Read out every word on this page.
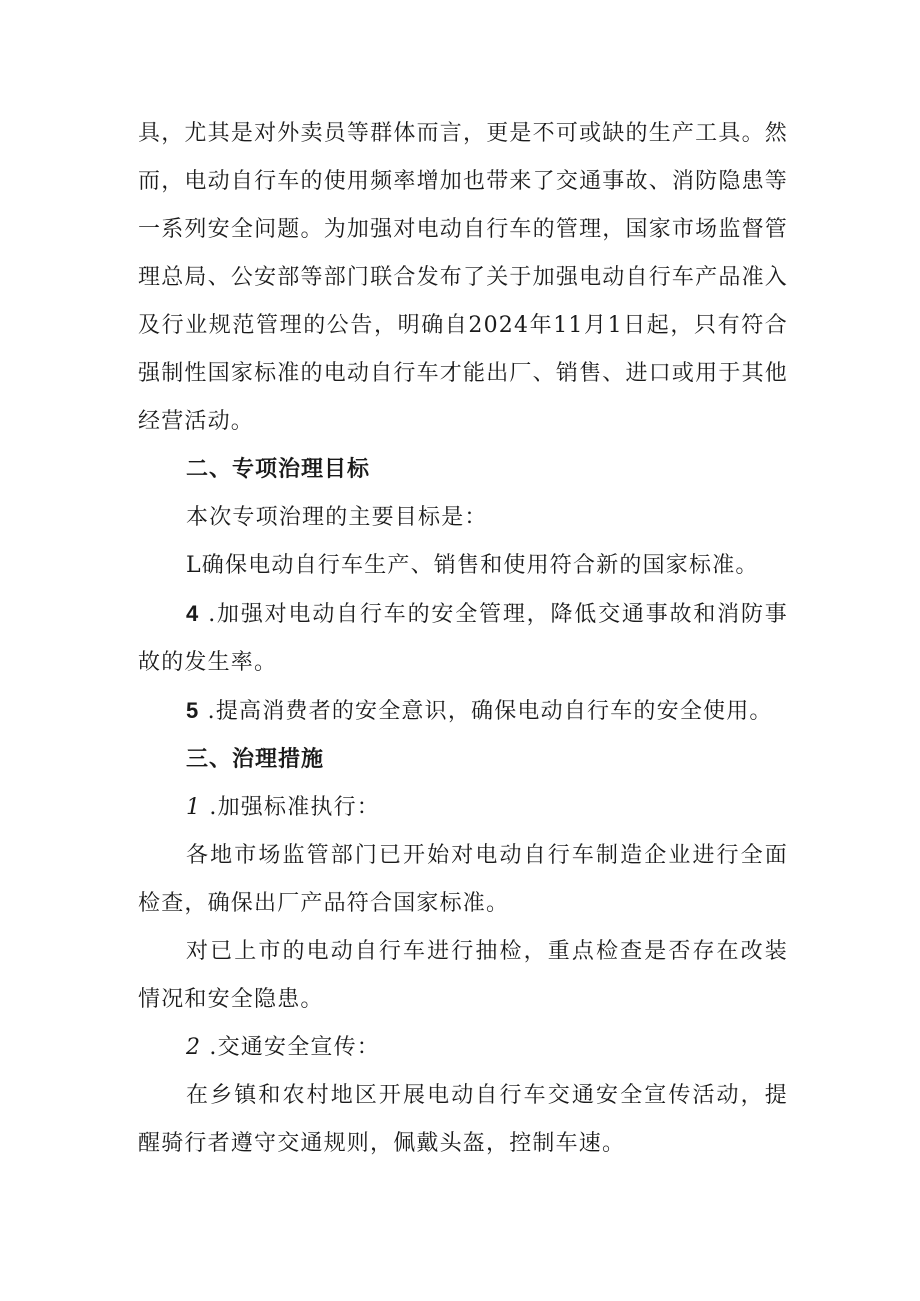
具，尤其是对外卖员等群体而言，更是不可或缺的生产工具。然而，电动自行车的使用频率增加也带来了交通事故、消防隐患等一系列安全问题。为加强对电动自行车的管理，国家市场监督管理总局、公安部等部门联合发布了关于加强电动自行车产品准入及行业规范管理的公告，明确自2024年11月1日起，只有符合强制性国家标准的电动自行车才能出厂、销售、进口或用于其他经营活动。

二、专项治理目标

本次专项治理的主要目标是：

L确保电动自行车生产、销售和使用符合新的国家标准。

4 .加强对电动自行车的安全管理，降低交通事故和消防事故的发生率。

5 .提高消费者的安全意识，确保电动自行车的安全使用。

三、治理措施

1 .加强标准执行：

各地市场监管部门已开始对电动自行车制造企业进行全面检查，确保出厂产品符合国家标准。

对已上市的电动自行车进行抽检，重点检查是否存在改装情况和安全隐患。

2 .交通安全宣传：

在乡镇和农村地区开展电动自行车交通安全宣传活动，提醒骑行者遵守交通规则，佩戴头盔，控制车速。
